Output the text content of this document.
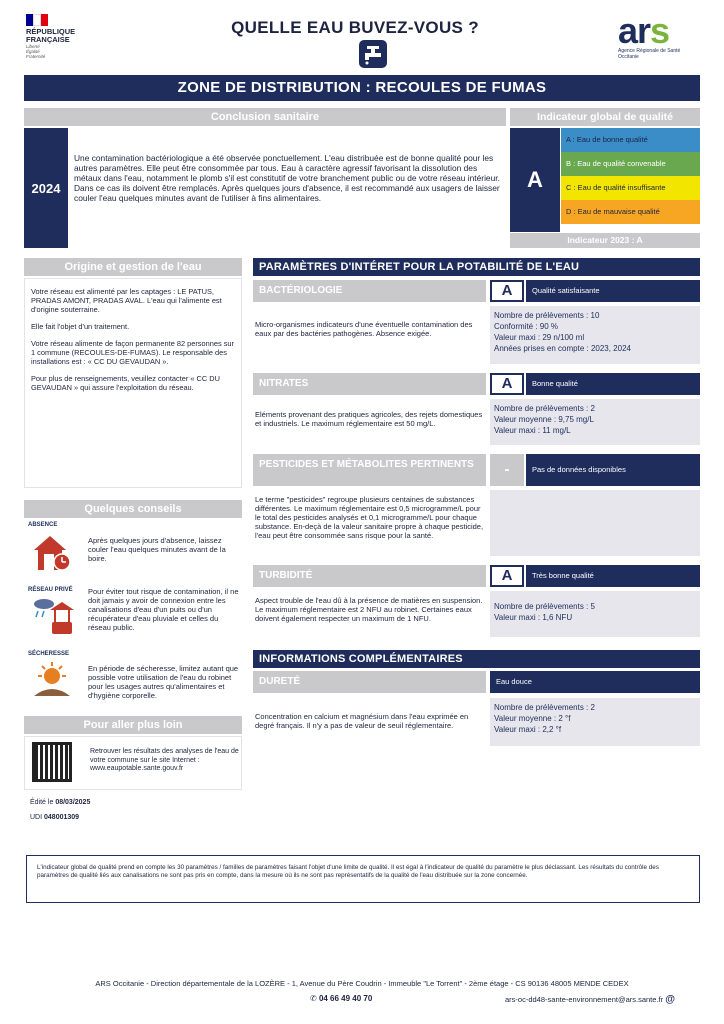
RÉPUBLIQUE
FRANÇAISE
Liberté
Égalité
Fraternité
QUELLE EAU BUVEZ-VOUS ?	ars
Agence Régionale de Santé
Occitanie
ZONE DE DISTRIBUTION : RECOULES DE FUMAS
Conclusion sanitaire
2024
Une contamination bactériologique a été observée ponctuellement. L'eau distribuée est de bonne qualité pour les autres paramètres. Elle peut être consommée par tous. Eau à caractère agressif favorisant la dissolution des métaux dans l'eau, notamment le plomb s'il est constitutif de votre branchement public ou de votre réseau intérieur. Dans ce cas ils doivent être remplacés. Après quelques jours d'absence, il est recommandé aux usagers de laisser couler l'eau quelques minutes avant de l'utiliser à fins alimentaires.
Indicateur global de qualité
A
A : Eau de bonne qualité
B : Eau de qualité convenable
C : Eau de qualité insuffisante
D : Eau de mauvaise qualité
Indicateur 2023 : A
Origine et gestion de l'eau

Votre réseau est alimenté par les captages : LE PATUS, PRADAS AMONT, PRADAS AVAL. L'eau qui l'alimente est d'origine souterraine.

Elle fait l'objet d'un traitement.

Votre réseau alimente de façon permanente 82 personnes sur 1 commune (RECOULES-DE-FUMAS). Le responsable des installations est : « CC DU GEVAUDAN ».

Pour plus de renseignements, veuillez contacter « CC DU GEVAUDAN » qui assure l'exploitation du réseau.

Quelques conseils
ABSENCE
Après quelques jours d'absence, laissez couler l'eau quelques minutes avant de la boire.
RÉSEAU PRIVÉ Pour éviter tout risque de contamination, il ne doit jamais y avoir de connexion entre les canalisations d'eau d'un puits ou d'un récupérateur d'eau pluviale et celles du réseau public.
SÉCHERESSE
En période de sécheresse, limitez autant que possible votre utilisation de l'eau du robinet pour les usages autres qu'alimentaires et d'hygiène corporelle.
Pour aller plus loin
Retrouver les résultats des analyses de l'eau de votre commune sur le site Internet : www.eaupotable.sante.gouv.fr
Édité le 08/03/2025
UDI 048001309
PARAMÈTRES D'INTÉRET POUR LA POTABILITÉ DE L'EAU
BACTÉRIOLOGIE	A	Qualité satisfaisante
Micro-organismes indicateurs d'une éventuelle contamination des eaux par des bactéries pathogènes. Absence exigée.
Nombre de prélèvements : 10
Conformité : 90 %
Valeur maxi : 29 n/100 ml
Années prises en compte : 2023, 2024
NITRATES	A	Bonne qualité
Eléments provenant des pratiques agricoles, des rejets domestiques et industriels. Le maximum réglementaire est 50 mg/L.
Nombre de prélèvements : 2
Valeur moyenne : 9,75 mg/L
Valeur maxi : 11 mg/L
PESTICIDES ET MÉTABOLITES PERTINENTS	-	Pas de données disponibles
Le terme "pesticides" regroupe plusieurs centaines de substances différentes. Le maximum réglementaire est 0,5 microgramme/L pour le total des pesticides analysés et 0,1 microgramme/L pour chaque substance. En-deçà de la valeur sanitaire propre à chaque pesticide, l'eau peut être consommée sans risque pour la santé.
TURBIDITÉ	A	Très bonne qualité
Aspect trouble de l'eau dû à la présence de matières en suspension. Le maximum réglementaire est 2 NFU au robinet. Certaines eaux doivent également respecter un maximum de 1 NFU.
Nombre de prélèvements : 5
Valeur maxi : 1,6 NFU
INFORMATIONS COMPLÉMENTAIRES
DURETÉ	Eau douce
Concentration en calcium et magnésium dans l'eau exprimée en degré français. Il n'y a pas de valeur de seuil réglementaire.
Nombre de prélèvements : 2
Valeur moyenne : 2 °f
Valeur maxi : 2,2 °f
L'indicateur global de qualité prend en compte les 30 paramètres / familles de paramètres faisant l'objet d'une limite de qualité. Il est égal à l'indicateur de qualité du paramètre le plus déclassant. Les résultats du contrôle des paramètres de qualité liés aux canalisations ne sont pas pris en compte, dans la mesure où ils ne sont pas représentatifs de la qualité de l'eau distribuée sur la zone concernée.
ARS Occitanie - Direction départementale de la LOZÈRE - 1, Avenue du Père Coudrin - Immeuble "Le Torrent" - 2ème étage - CS 90136 48005 MENDE CEDEX
✆ 04 66 49 40 70	ars-oc-dd48-sante-environnement@ars.sante.fr @
